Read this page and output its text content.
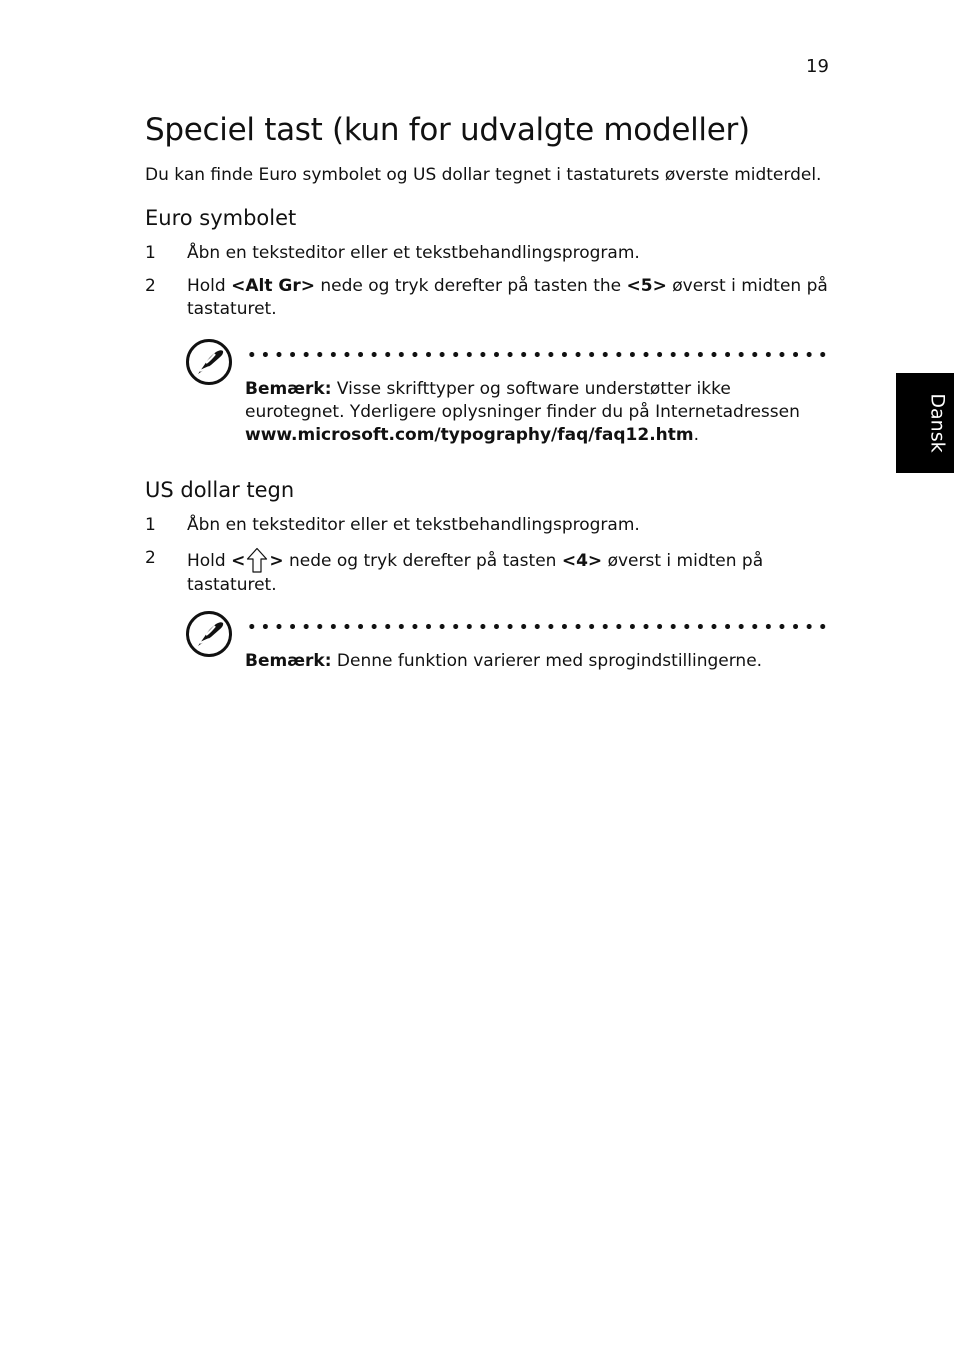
19
Speciel tast (kun for udvalgte modeller)
Du kan finde Euro symbolet og US dollar tegnet i tastaturets øverste midterdel.
Dansk
Euro symbolet
1 Åbn en teksteditor eller et tekstbehandlingsprogram.
2 Hold <Alt Gr> nede og tryk derefter på tasten the <5> øverst i midten på tastaturet.
Bemærk: Visse skrifttyper og software understøtter ikke eurotegnet. Yderligere oplysninger finder du på Internetadressen www.microsoft.com/typography/faq/faq12.htm.
US dollar tegn
1 Åbn en teksteditor eller et tekstbehandlingsprogram.
2 Hold < > nede og tryk derefter på tasten <4> øverst i midten på tastaturet.
Bemærk: Denne funktion varierer med sprogindstillingerne.
